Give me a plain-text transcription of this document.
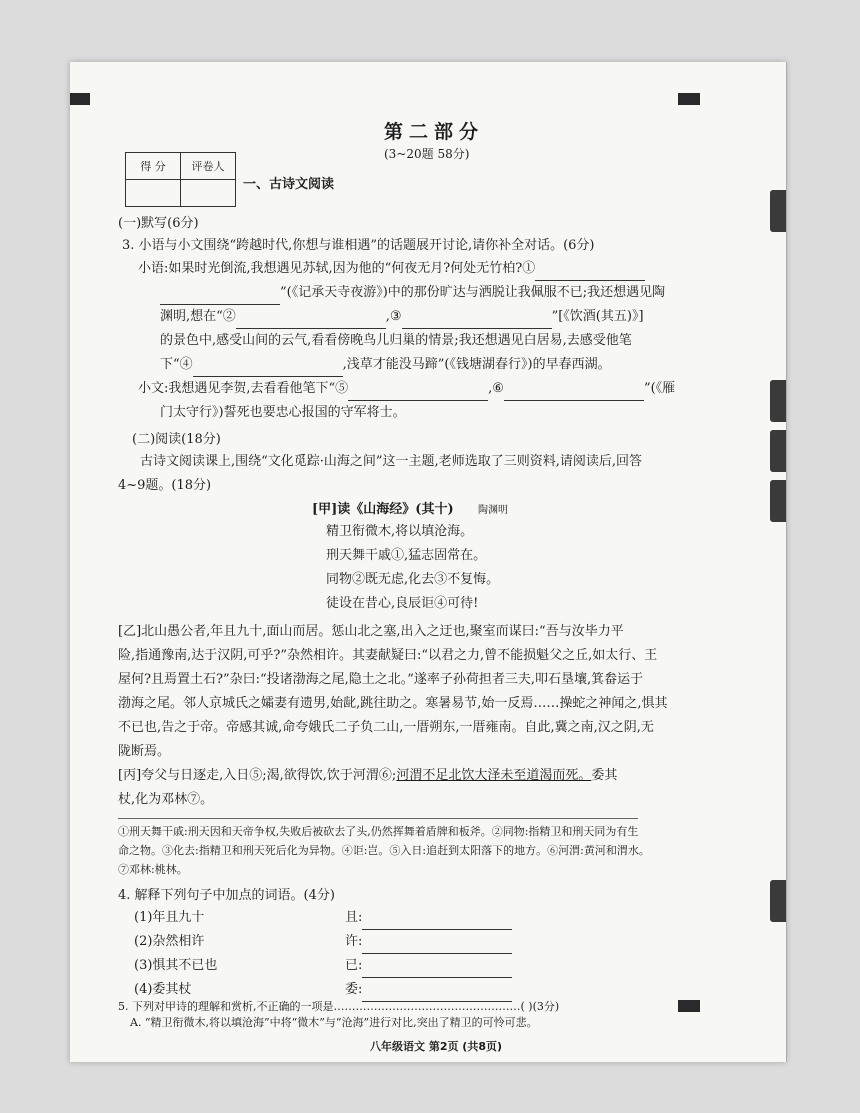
第二部分
(3~20题 58分)
得 分	评卷人

一、古诗文阅读
(一)默写(6分)
3. 小语与小文围绕“跨越时代,你想与谁相遇”的话题展开讨论,请你补全对话。(6分)
小语:如果时光倒流,我想遇见苏轼,因为他的“何夜无月?何处无竹柏?①
”(《记承天寺夜游》)中的那份旷达与洒脱让我佩服不已;我还想遇见陶
渊明,想在“②	,③	”[《饮酒(其五)》]
的景色中,感受山间的云气,看看傍晚鸟儿归巢的情景;我还想遇见白居易,去感受他笔
下“④	,浅草才能没马蹄”(《钱塘湖春行》)的早春西湖。
小文:我想遇见李贺,去看看他笔下“⑤	,⑥	”(《雁
门太守行》)誓死也要忠心报国的守军将士。
(二)阅读(18分)
古诗文阅读课上,围绕“文化觅踪·山海之间”这一主题,老师选取了三则资料,请阅读后,回答
4~9题。(18分)
[甲]读《山海经》(其十) 陶渊明
精卫衔微木,将以填沧海。
刑天舞干戚①,猛志固常在。
同物②既无虑,化去③不复悔。
徒设在昔心,良辰讵④可待!
[乙]北山愚公者,年且九十,面山而居。惩山北之塞,出入之迂也,聚室而谋曰:“吾与汝毕力平
险,指通豫南,达于汉阴,可乎?”杂然相许。其妻献疑曰:“以君之力,曾不能损魁父之丘,如太行、王
屋何?且焉置土石?”杂曰:“投诸渤海之尾,隐土之北。”遂率子孙荷担者三夫,叩石垦壤,箕畚运于
渤海之尾。邻人京城氏之孀妻有遗男,始龀,跳往助之。寒暑易节,始一反焉……操蛇之神闻之,惧其
不已也,告之于帝。帝感其诚,命夸娥氏二子负二山,一厝朔东,一厝雍南。自此,冀之南,汉之阴,无
陇断焉。
[丙]夸父与日逐走,入日⑤;渴,欲得饮,饮于河渭⑥;河渭不足北饮大泽未至道渴而死。委其
杖,化为邓林⑦。
①刑天舞干戚:刑天因和天帝争权,失败后被砍去了头,仍然挥舞着盾牌和板斧。②同物:指精卫和刑天同为有生
命之物。③化去:指精卫和刑天死后化为异物。④讵:岂。⑤入日:追赶到太阳落下的地方。⑥河渭:黄河和渭水。
⑦邓林:桃林。
4. 解释下列句子中加点的词语。(4分)
(1)年且九十	且:
(2)杂然相许	许:
(3)惧其不已也	已:
(4)委其杖	委:
5. 下列对甲诗的理解和赏析,不正确的一项是……………………………………………( )(3分)
A. “精卫衔微木,将以填沧海”中将“微木”与“沧海”进行对比,突出了精卫的可怜可悲。
八年级语文 第2页 (共8页)
